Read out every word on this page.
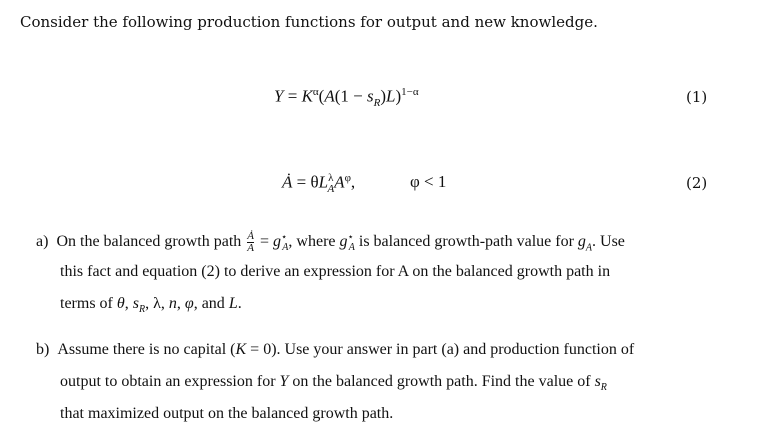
Consider the following production functions for output and new knowledge.
$Y = K^\alpha(A(1 - s_R)L)^{1-\alpha}$	(1)
Ȧ = $\theta L^\lambda_AA^\varphi$,	φ < 1	(2)
a)  On the balanced growth path $\frac{Ȧ}{A} = g^⋆_A$, where $g^⋆_A$ is balanced growth-path value for $g_A$. Use
this fact and equation (2) to derive an expression for A on the balanced growth path in
terms of θ, $s_R$, λ, n, φ, and L.
b)  Assume there is no capital (K = 0). Use your answer in part (a) and production function of
output to obtain an expression for Y on the balanced growth path. Find the value of $s_R$
that maximized output on the balanced growth path.
